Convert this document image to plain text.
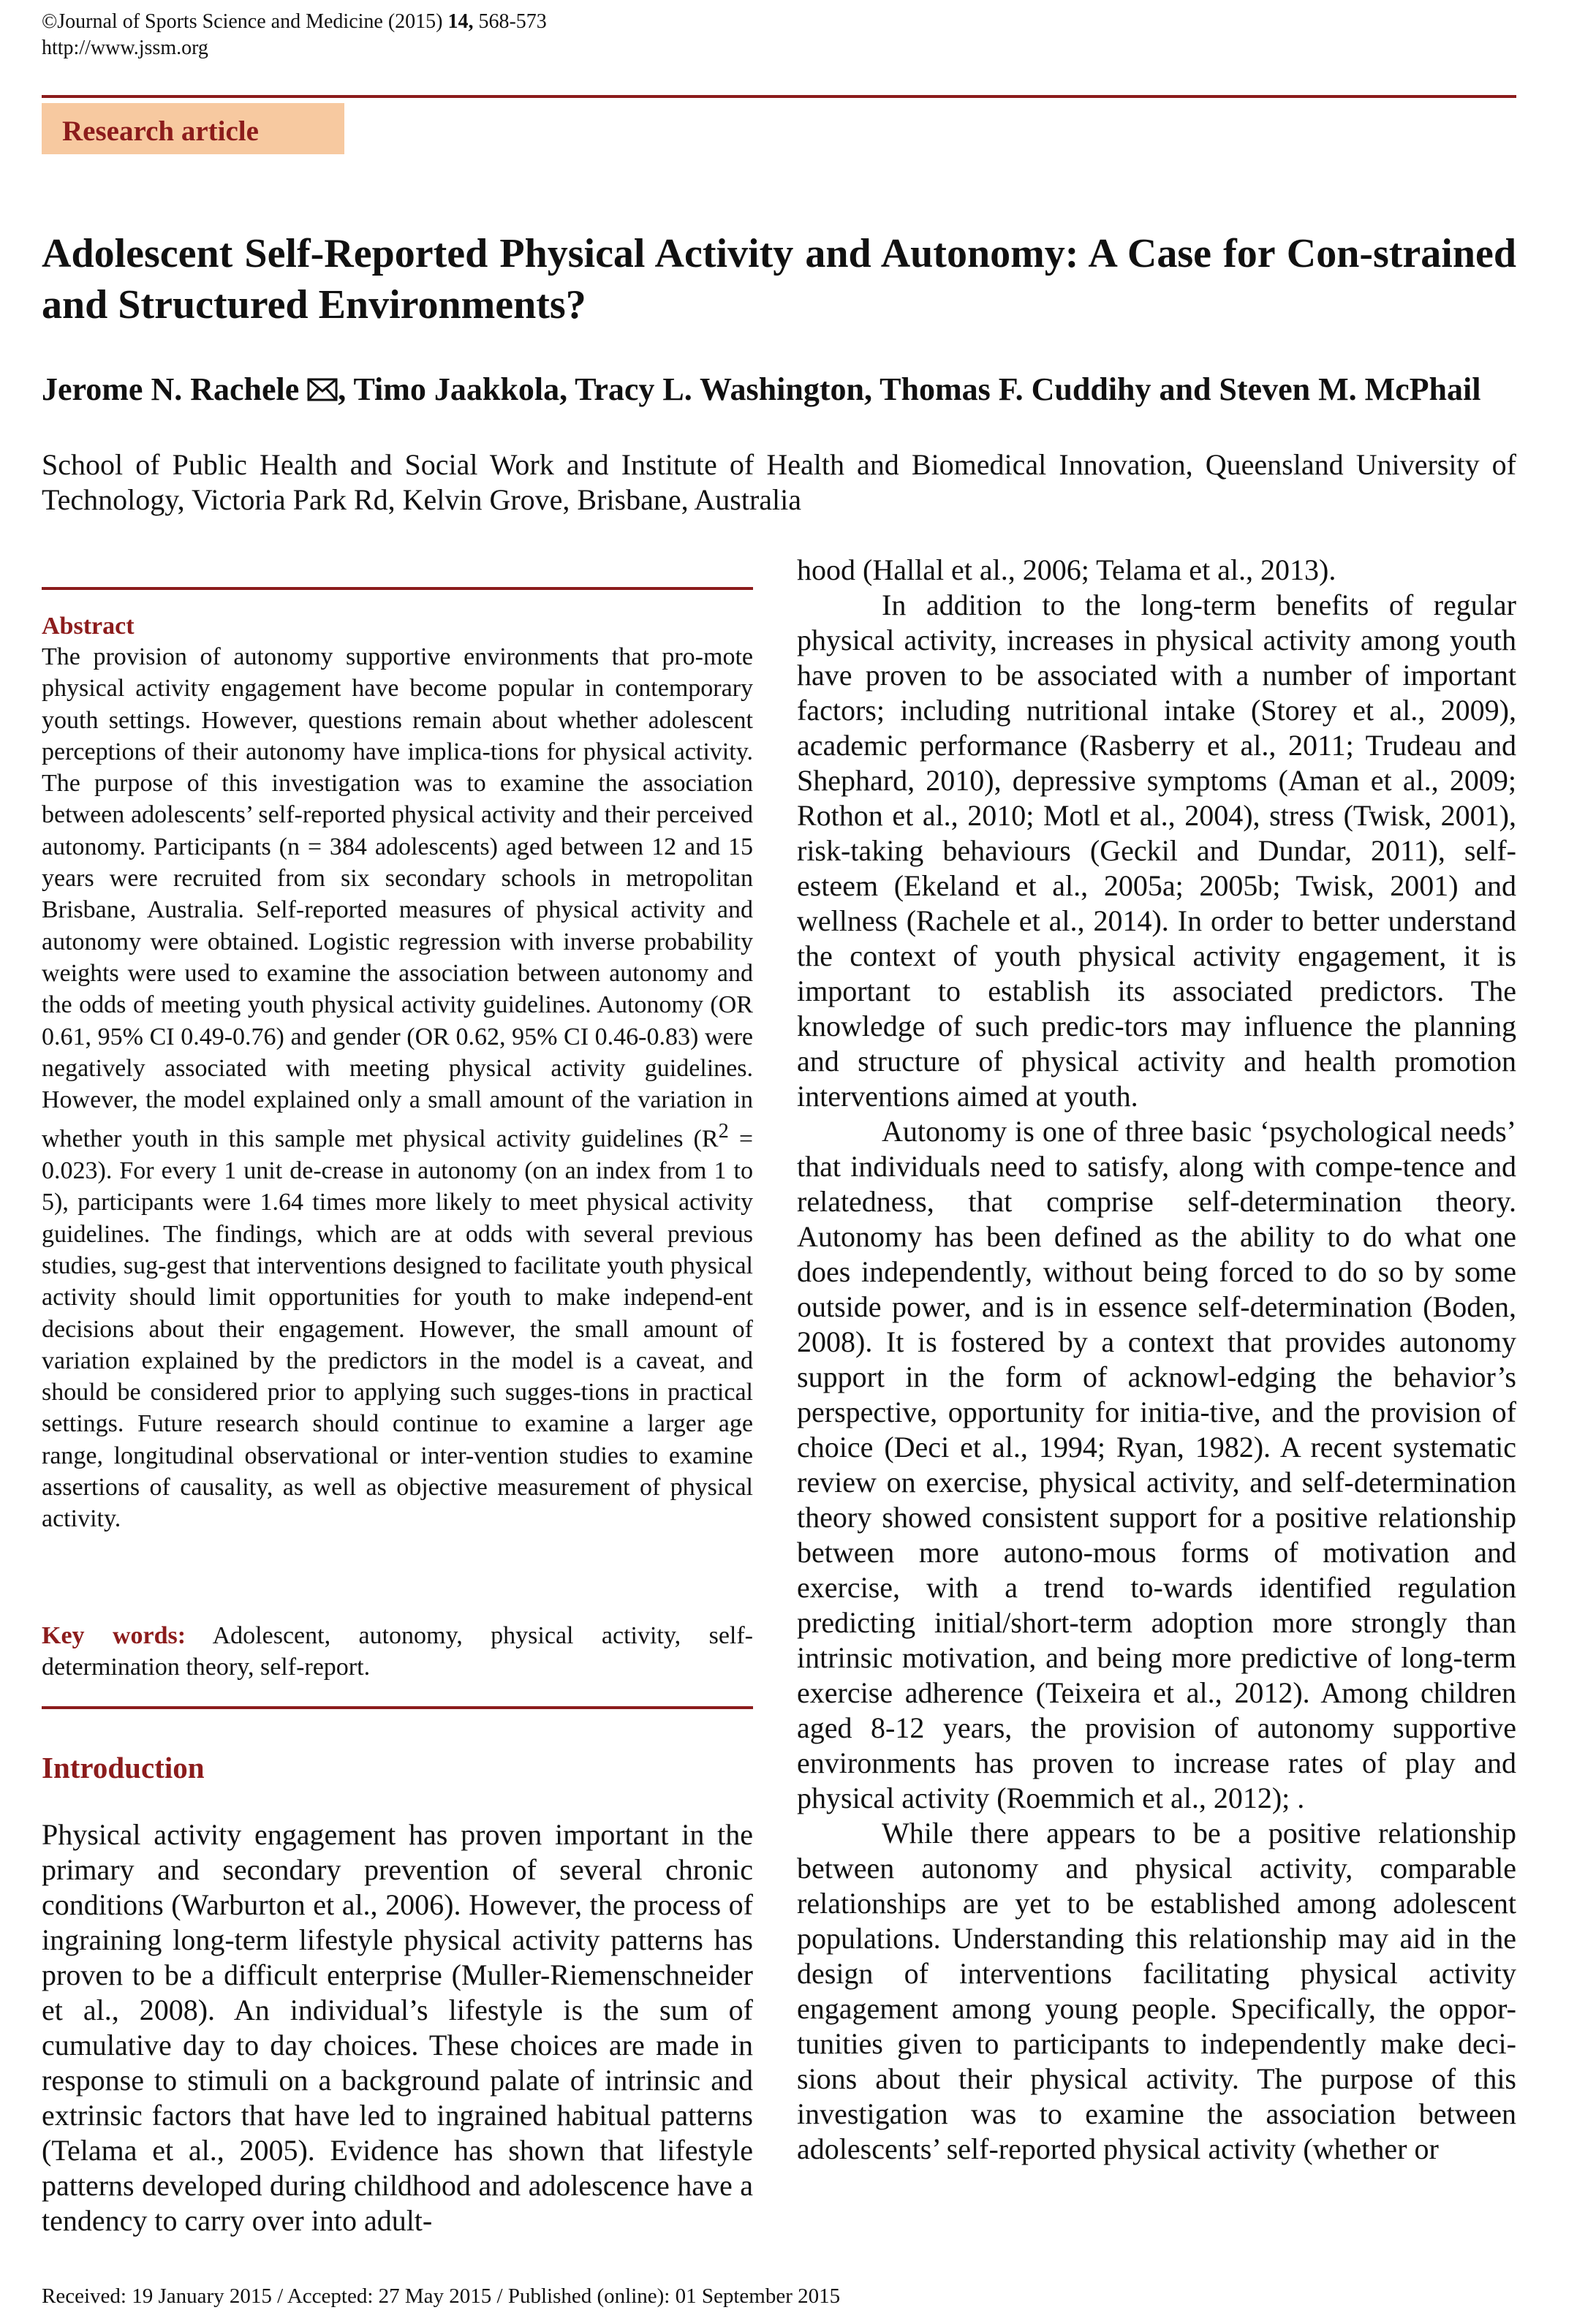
©Journal of Sports Science and Medicine (2015) 14, 568-573
http://www.jssm.org
Research article
Adolescent Self-Reported Physical Activity and Autonomy: A Case for Con-strained and Structured Environments?
Jerome N. Rachele , Timo Jaakkola, Tracy L. Washington, Thomas F. Cuddihy and Steven M. McPhail
School of Public Health and Social Work and Institute of Health and Biomedical Innovation, Queensland University of Technology, Victoria Park Rd, Kelvin Grove, Brisbane, Australia
Abstract

The provision of autonomy supportive environments that pro-mote physical activity engagement have become popular in contemporary youth settings. However, questions remain about whether adolescent perceptions of their autonomy have implica-tions for physical activity. The purpose of this investigation was to examine the association between adolescents’ self-reported physical activity and their perceived autonomy. Participants (n = 384 adolescents) aged between 12 and 15 years were recruited from six secondary schools in metropolitan Brisbane, Australia. Self-reported measures of physical activity and autonomy were obtained. Logistic regression with inverse probability weights were used to examine the association between autonomy and the odds of meeting youth physical activity guidelines. Autonomy (OR 0.61, 95% CI 0.49-0.76) and gender (OR 0.62, 95% CI 0.46-0.83) were negatively associated with meeting physical activity guidelines. However, the model explained only a small amount of the variation in whether youth in this sample met physical activity guidelines $(R^2 = 0.023)$. For every 1 unit de-crease in autonomy (on an index from 1 to 5), participants were 1.64 times more likely to meet physical activity guidelines. The findings, which are at odds with several previous studies, sug-gest that interventions designed to facilitate youth physical activity should limit opportunities for youth to make independ-ent decisions about their engagement. However, the small amount of variation explained by the predictors in the model is a caveat, and should be considered prior to applying such sugges-tions in practical settings. Future research should continue to examine a larger age range, longitudinal observational or inter-vention studies to examine assertions of causality, as well as objective measurement of physical activity.

Key words: Adolescent, autonomy, physical activity, self-determination theory, self-report.

Introduction

Physical activity engagement has proven important in the primary and secondary prevention of several chronic conditions (Warburton et al., 2006). However, the process of ingraining long-term lifestyle physical activity patterns has proven to be a difficult enterprise (Muller-Riemenschneider et al., 2008). An individual’s lifestyle is the sum of cumulative day to day choices. These choices are made in response to stimuli on a background palate of intrinsic and extrinsic factors that have led to ingrained habitual patterns (Telama et al., 2005). Evidence has shown that lifestyle patterns developed during childhood and adolescence have a tendency to carry over into adult-

hood (Hallal et al., 2006; Telama et al., 2013).

In addition to the long-term benefits of regular physical activity, increases in physical activity among youth have proven to be associated with a number of important factors; including nutritional intake (Storey et al., 2009), academic performance (Rasberry et al., 2011; Trudeau and Shephard, 2010), depressive symptoms (Aman et al., 2009; Rothon et al., 2010; Motl et al., 2004), stress (Twisk, 2001), risk-taking behaviours (Geckil and Dundar, 2011), self-esteem (Ekeland et al., 2005a; 2005b; Twisk, 2001) and wellness (Rachele et al., 2014). In order to better understand the context of youth physical activity engagement, it is important to establish its associated predictors. The knowledge of such predic-tors may influence the planning and structure of physical activity and health promotion interventions aimed at youth.

Autonomy is one of three basic ‘psychological needs’ that individuals need to satisfy, along with compe-tence and relatedness, that comprise self-determination theory. Autonomy has been defined as the ability to do what one does independently, without being forced to do so by some outside power, and is in essence self-determination (Boden, 2008). It is fostered by a context that provides autonomy support in the form of acknowl-edging the behavior’s perspective, opportunity for initia-tive, and the provision of choice (Deci et al., 1994; Ryan, 1982). A recent systematic review on exercise, physical activity, and self-determination theory showed consistent support for a positive relationship between more autono-mous forms of motivation and exercise, with a trend to-wards identified regulation predicting initial/short-term adoption more strongly than intrinsic motivation, and being more predictive of long-term exercise adherence (Teixeira et al., 2012). Among children aged 8-12 years, the provision of autonomy supportive environments has proven to increase rates of play and physical activity (Roemmich et al., 2012); .

While there appears to be a positive relationship between autonomy and physical activity, comparable relationships are yet to be established among adolescent populations. Understanding this relationship may aid in the design of interventions facilitating physical activity engagement among young people. Specifically, the oppor-tunities given to participants to independently make deci-sions about their physical activity. The purpose of this investigation was to examine the association between adolescents’ self-reported physical activity (whether or

Received: 19 January 2015 / Accepted: 27 May 2015 / Published (online): 01 September 2015
